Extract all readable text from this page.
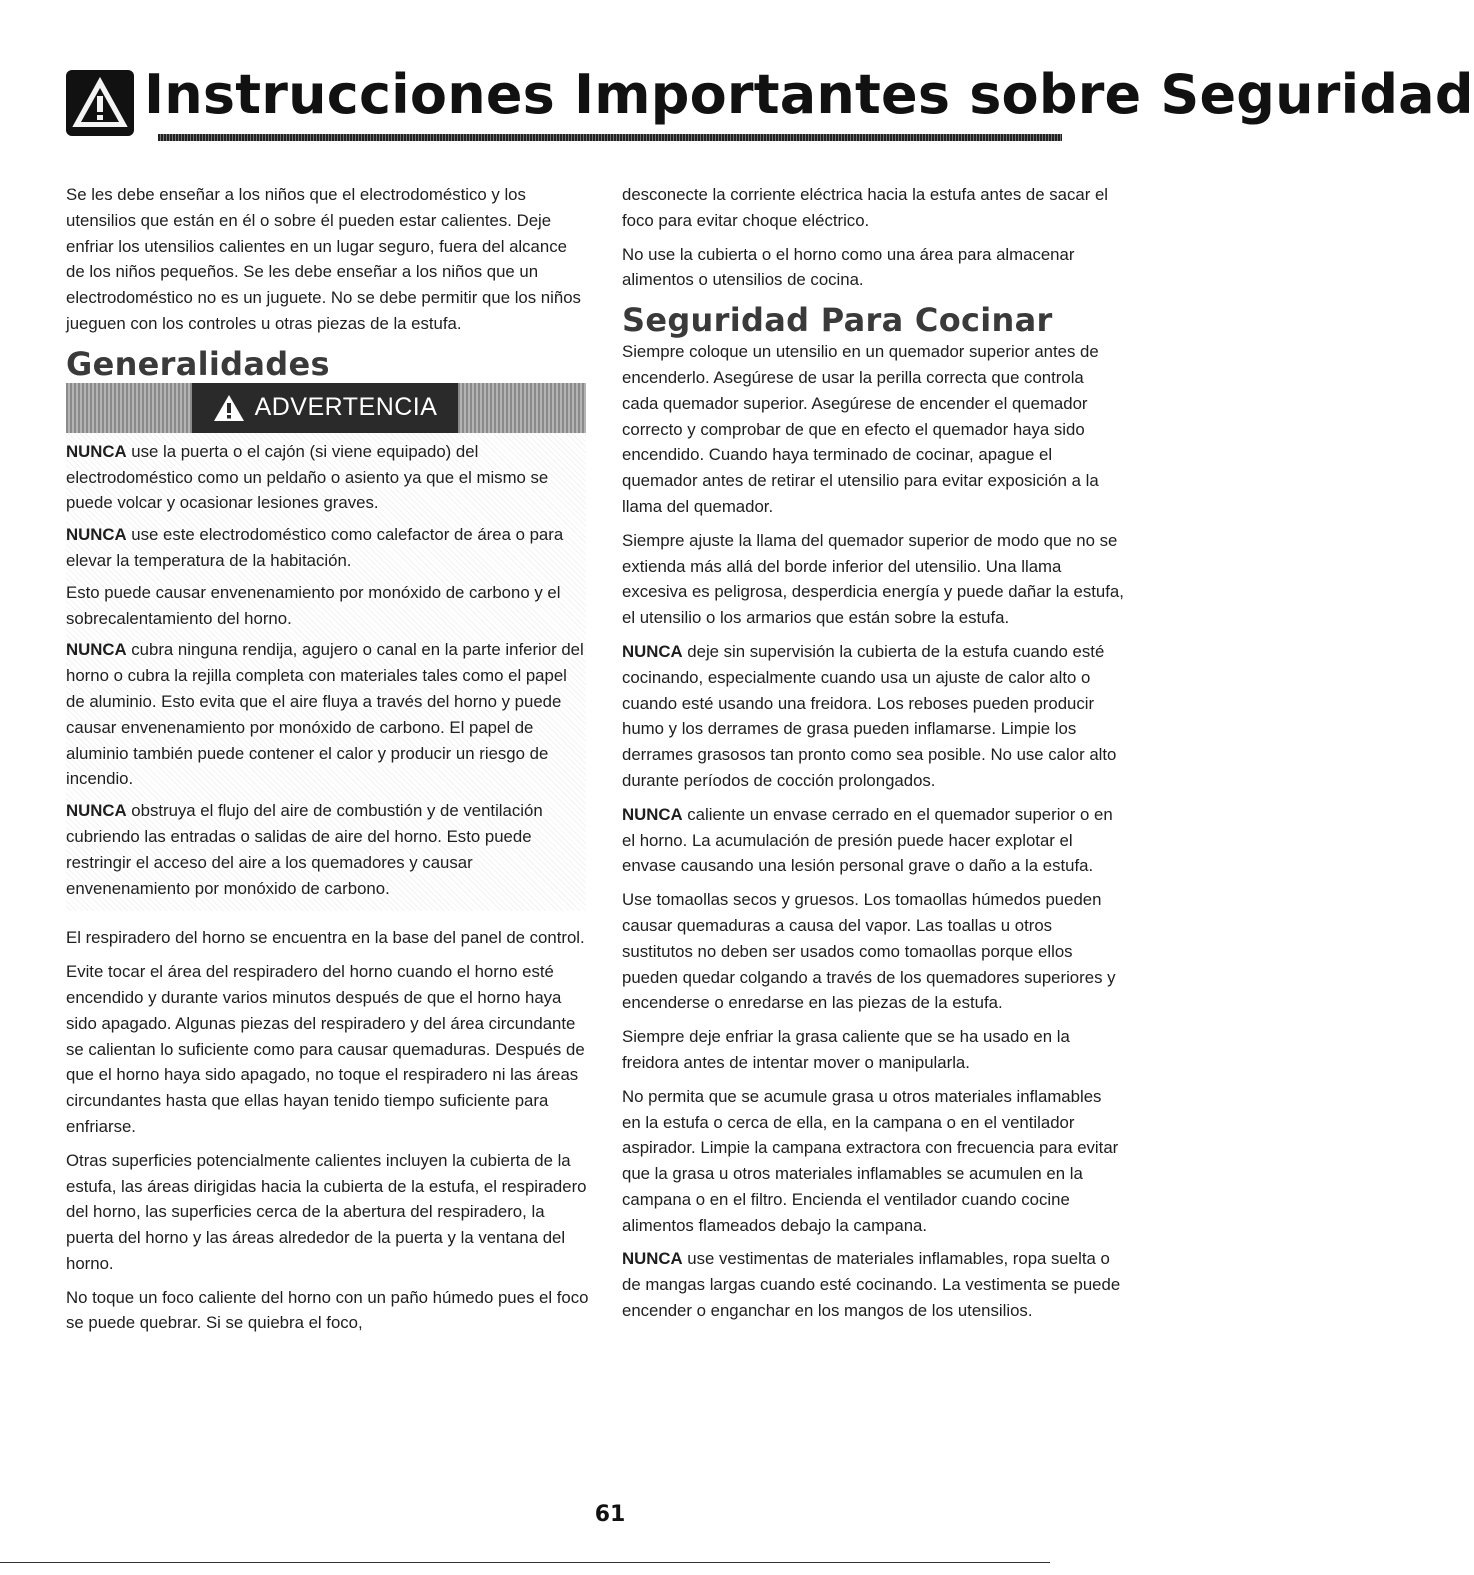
Instrucciones Importantes sobre Seguridad

Se les debe enseñar a los niños que el electrodoméstico y los utensilios que están en él o sobre él pueden estar calientes. Deje enfriar los utensilios calientes en un lugar seguro, fuera del alcance de los niños pequeños. Se les debe enseñar a los niños que un electrodoméstico no es un juguete. No se debe permitir que los niños jueguen con los controles u otras piezas de la estufa.

Generalidades
ADVERTENCIA

NUNCA use la puerta o el cajón (si viene equipado) del electrodoméstico como un peldaño o asiento ya que el mismo se puede volcar y ocasionar lesiones graves.

NUNCA use este electrodoméstico como calefactor de área o para elevar la temperatura de la habitación.

Esto puede causar envenenamiento por monóxido de carbono y el sobrecalentamiento del horno.

NUNCA cubra ninguna rendija, agujero o canal en la parte inferior del horno o cubra la rejilla completa con materiales tales como el papel de aluminio. Esto evita que el aire fluya a través del horno y puede causar envenenamiento por monóxido de carbono. El papel de aluminio también puede contener el calor y producir un riesgo de incendio.

NUNCA obstruya el flujo del aire de combustión y de ventilación cubriendo las entradas o salidas de aire del horno. Esto puede restringir el acceso del aire a los quemadores y causar envenenamiento por monóxido de carbono.

El respiradero del horno se encuentra en la base del panel de control.

Evite tocar el área del respiradero del horno cuando el horno esté encendido y durante varios minutos después de que el horno haya sido apagado. Algunas piezas del respiradero y del área circundante se calientan lo suficiente como para causar quemaduras. Después de que el horno haya sido apagado, no toque el respiradero ni las áreas circundantes hasta que ellas hayan tenido tiempo suficiente para enfriarse.

Otras superficies potencialmente calientes incluyen la cubierta de la estufa, las áreas dirigidas hacia la cubierta de la estufa, el respiradero del horno, las superficies cerca de la abertura del respiradero, la puerta del horno y las áreas alrededor de la puerta y la ventana del horno.

No toque un foco caliente del horno con un paño húmedo pues el foco se puede quebrar. Si se quiebra el foco,

desconecte la corriente eléctrica hacia la estufa antes de sacar el foco para evitar choque eléctrico.

No use la cubierta o el horno como una área para almacenar alimentos o utensilios de cocina.

Seguridad Para Cocinar

Siempre coloque un utensilio en un quemador superior antes de encenderlo. Asegúrese de usar la perilla correcta que controla cada quemador superior. Asegúrese de encender el quemador correcto y comprobar de que en efecto el quemador haya sido encendido. Cuando haya terminado de cocinar, apague el quemador antes de retirar el utensilio para evitar exposición a la llama del quemador.

Siempre ajuste la llama del quemador superior de modo que no se extienda más allá del borde inferior del utensilio. Una llama excesiva es peligrosa, desperdicia energía y puede dañar la estufa, el utensilio o los armarios que están sobre la estufa.

NUNCA deje sin supervisión la cubierta de la estufa cuando esté cocinando, especialmente cuando usa un ajuste de calor alto o cuando esté usando una freidora. Los reboses pueden producir humo y los derrames de grasa pueden inflamarse. Limpie los derrames grasosos tan pronto como sea posible. No use calor alto durante períodos de cocción prolongados.

NUNCA caliente un envase cerrado en el quemador superior o en el horno. La acumulación de presión puede hacer explotar el envase causando una lesión personal grave o daño a la estufa.

Use tomaollas secos y gruesos. Los tomaollas húmedos pueden causar quemaduras a causa del vapor. Las toallas u otros sustitutos no deben ser usados como tomaollas porque ellos pueden quedar colgando a través de los quemadores superiores y encenderse o enredarse en las piezas de la estufa.

Siempre deje enfriar la grasa caliente que se ha usado en la freidora antes de intentar mover o manipularla.

No permita que se acumule grasa u otros materiales inflamables en la estufa o cerca de ella, en la campana o en el ventilador aspirador. Limpie la campana extractora con frecuencia para evitar que la grasa u otros materiales inflamables se acumulen en la campana o en el filtro. Encienda el ventilador cuando cocine alimentos flameados debajo la campana.

NUNCA use vestimentas de materiales inflamables, ropa suelta o de mangas largas cuando esté cocinando. La vestimenta se puede encender o enganchar en los mangos de los utensilios.

61
